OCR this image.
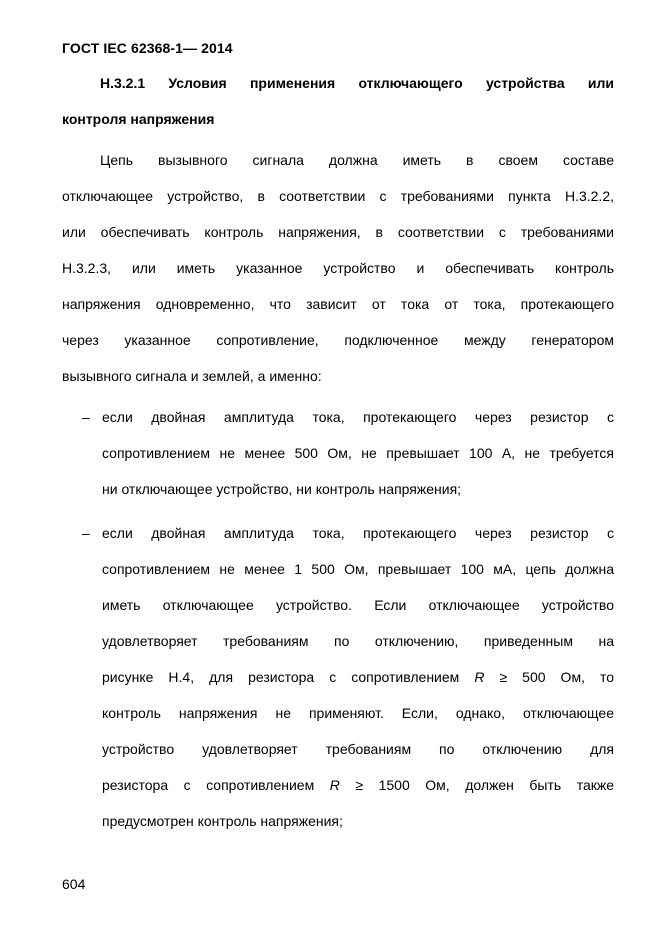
ГОСТ IEC 62368-1— 2014
Н.3.2.1 Условия применения отключающего устройства или
контроля напряжения
Цепь вызывного сигнала должна иметь в своем составе
отключающее устройство, в соответствии с требованиями пункта Н.3.2.2,
или обеспечивать контроль напряжения, в соответствии с требованиями
Н.3.2.3, или иметь указанное устройство и обеспечивать контроль
напряжения одновременно, что зависит от тока от тока, протекающего
через указанное сопротивление, подключенное между генератором
вызывного сигнала и землей, а именно:
– если двойная амплитуда тока, протекающего через резистор с
сопротивлением не менее 500 Ом, не превышает 100 А, не требуется
ни отключающее устройство, ни контроль напряжения;
– если двойная амплитуда тока, протекающего через резистор с
сопротивлением не менее 1 500 Ом, превышает 100 мА, цепь должна
иметь отключающее устройство. Если отключающее устройство
удовлетворяет требованиям по отключению, приведенным на
рисунке Н.4, для резистора с сопротивлением R ≥ 500 Ом, то
контроль напряжения не применяют. Если, однако, отключающее
устройство удовлетворяет требованиям по отключению для
резистора с сопротивлением R ≥ 1500 Ом, должен быть также
предусмотрен контроль напряжения;
604
